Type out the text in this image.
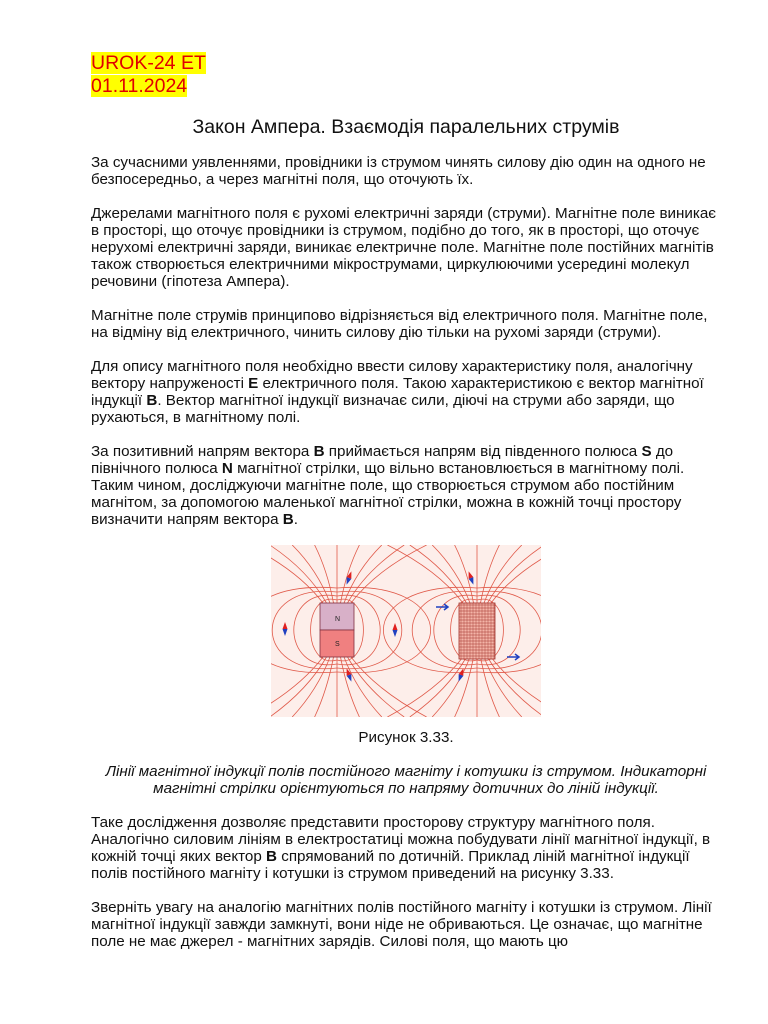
UROK-24 ET
01.11.2024
Закон Ампера. Взаємодія паралельних струмів

За сучасними уявленнями, провідники із струмом чинять силову дію один на одного не безпосередньо, а через магнітні поля, що оточують їх.

Джерелами магнітного поля є рухомі електричні заряди (струми). Магнітне поле виникає в просторі, що оточує провідники із струмом, подібно до того, як в просторі, що оточує нерухомі електричні заряди, виникає електричне поле. Магнітне поле постійних магнітів також створюється електричними мікрострумами, циркулюючими усередині молекул речовини (гіпотеза Ампера).

Магнітне поле струмів принципово відрізняється від електричного поля. Магнітне поле, на відміну від електричного, чинить силову дію тільки на рухомі заряди (струми).

Для опису магнітного поля необхідно ввести силову характеристику поля, аналогічну вектору напруженості E електричного поля. Такою характеристикою є вектор магнітної індукції B. Вектор магнітної індукції визначає сили, діючі на струми або заряди, що рухаються, в магнітному полі.

За позитивний напрям вектора B приймається напрям від південного полюса S до північного полюса N магнітної стрілки, що вільно встановлюється в магнітному полі. Таким чином, досліджуючи магнітне поле, що створюється струмом або постійним магнітом, за допомогою маленької магнітної стрілки, можна в кожній точці простору визначити напрям вектора B.

N
S
Рисунок 3.33.

Лінії магнітної індукції полів постійного магніту і котушки із струмом. Індикаторні магнітні стрілки орієнтуються по напряму дотичних до ліній індукції.

Таке дослідження дозволяє представити просторову структуру магнітного поля. Аналогічно силовим лініям в електростатиці можна побудувати лінії магнітної індукції, в кожній точці яких вектор B спрямований по дотичній. Приклад ліній магнітної індукції полів постійного магніту і котушки із струмом приведений на рисунку 3.33.

Зверніть увагу на аналогію магнітних полів постійного магніту і котушки із струмом. Лінії магнітної індукції завжди замкнуті, вони ніде не обриваються. Це означає, що магнітне поле не має джерел - магнітних зарядів. Силові поля, що мають цю
